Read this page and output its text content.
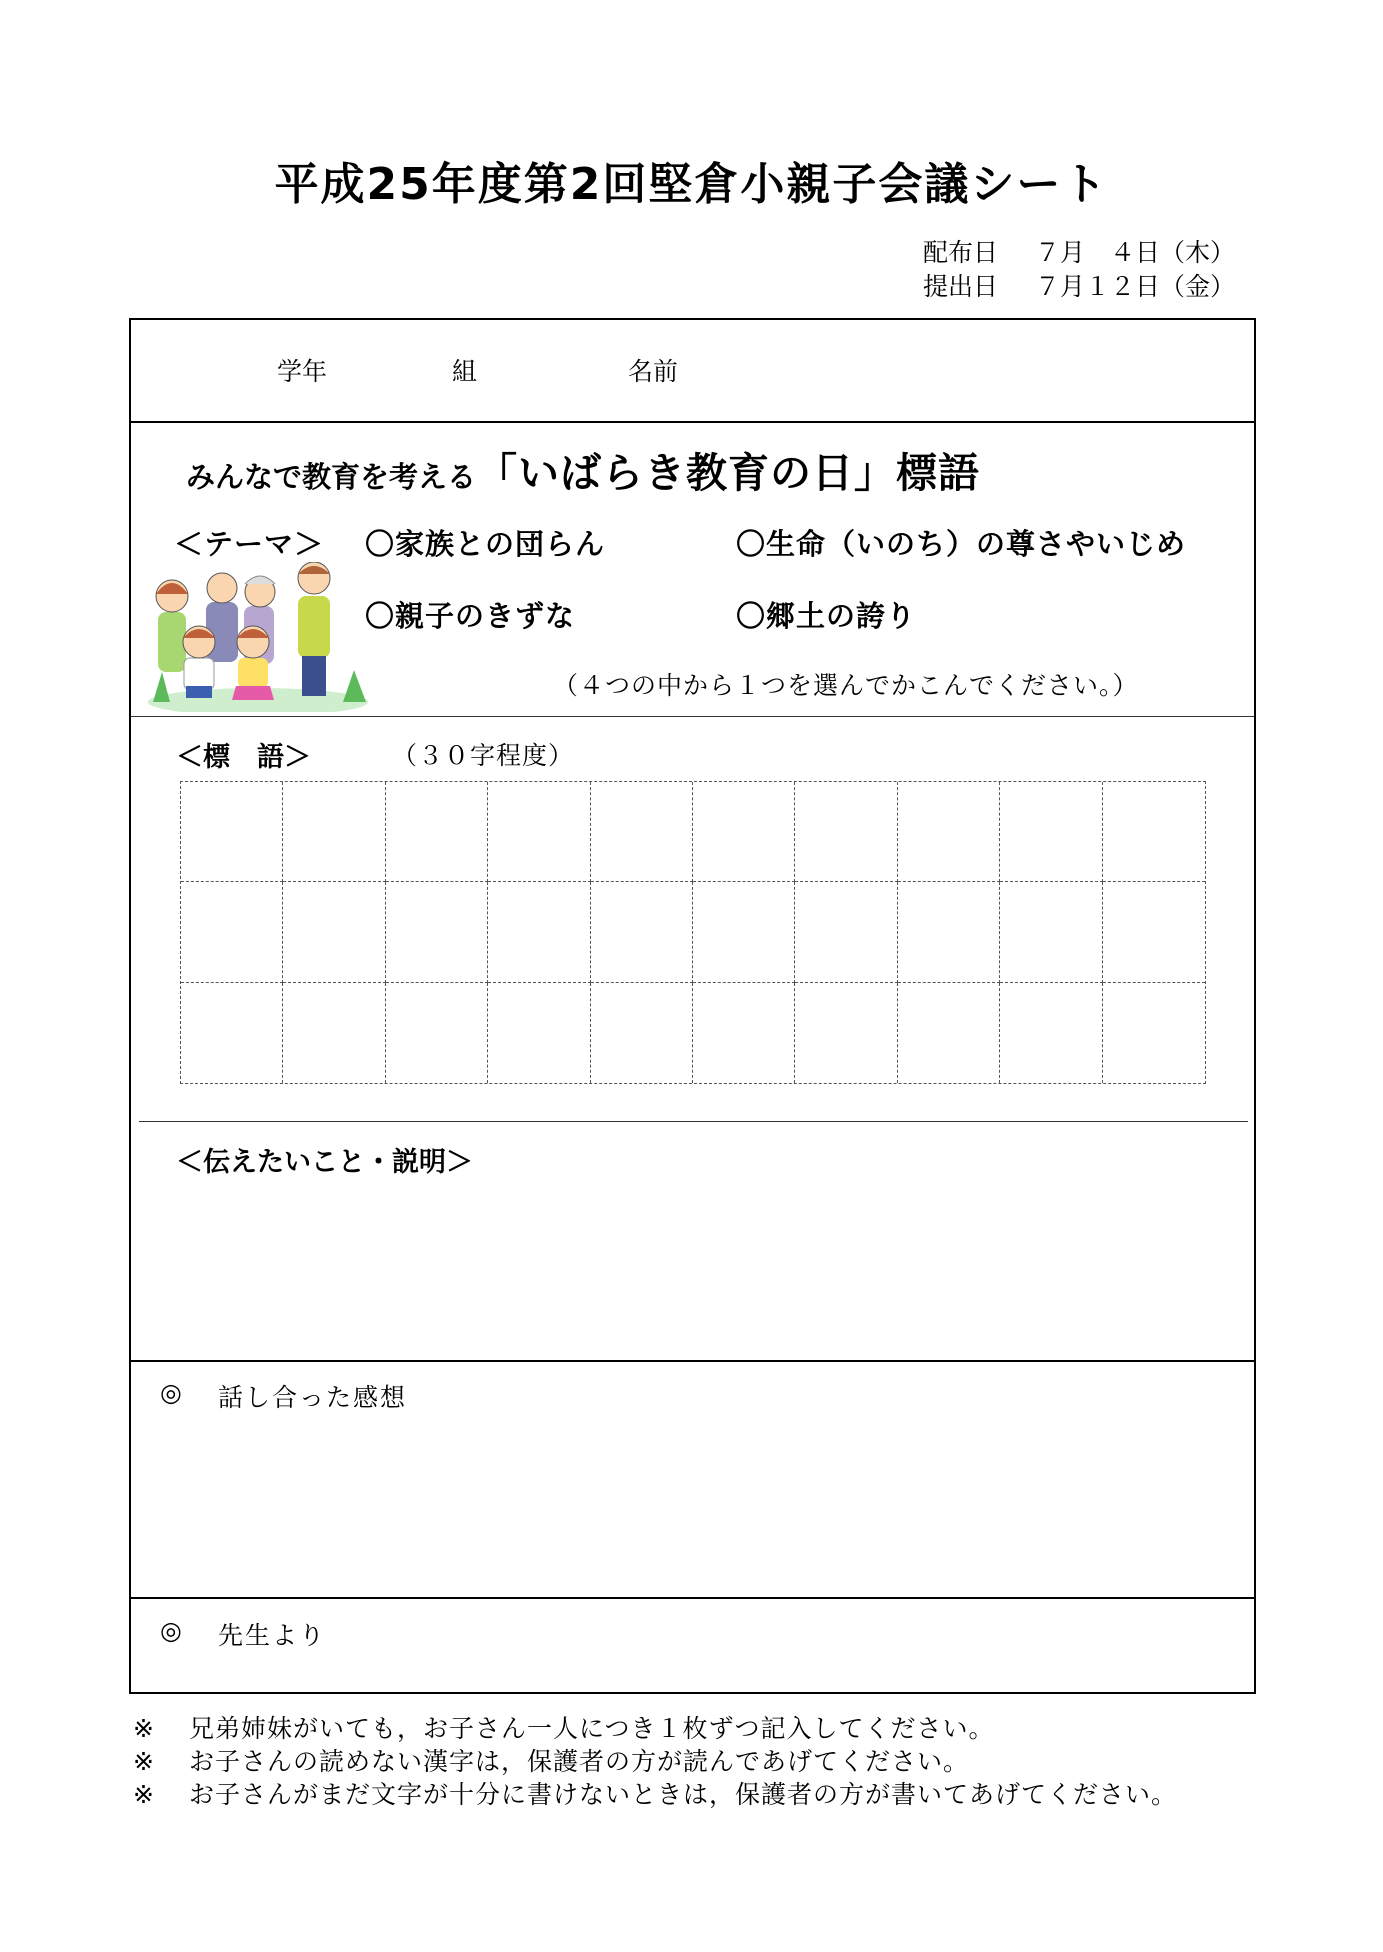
平成25年度第2回堅倉小親子会議シート
配布日	７月　４日（木）
提出日	７月１２日（金）
学年	組	名前
みんなで教育を考える「いばらき教育の日」標語
＜テーマ＞ 〇家族との団らん	〇生命（いのち）の尊さやいじめ
〇親子のきずな	〇郷土の誇り
（４つの中から１つを選んでかこんでください。）
＜標　語＞	（３０字程度）
＜伝えたいこと・説明＞
◎ 話し合った感想
◎ 先生より
※	兄弟姉妹がいても，お子さん一人につき１枚ずつ記入してください。
※	お子さんの読めない漢字は，保護者の方が読んであげてください。
※	お子さんがまだ文字が十分に書けないときは，保護者の方が書いてあげてください。
